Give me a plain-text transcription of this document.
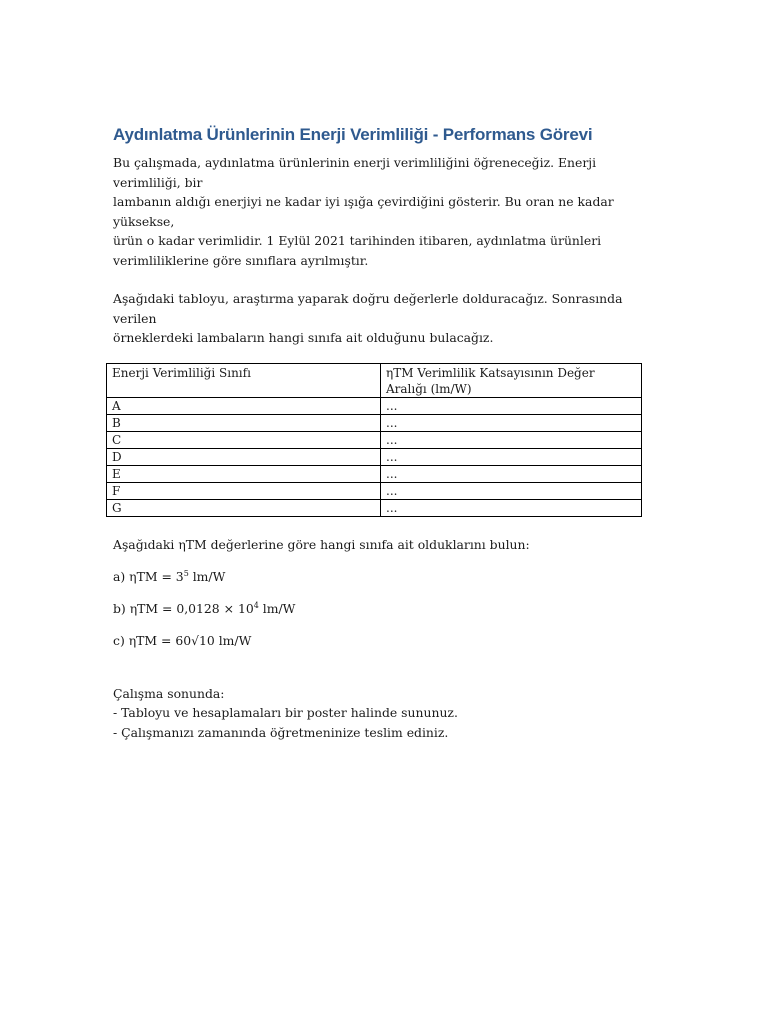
Aydınlatma Ürünlerinin Enerji Verimliliği - Performans Görevi

Bu çalışmada, aydınlatma ürünlerinin enerji verimliliğini öğreneceğiz. Enerji verimliliği, bir
lambanın aldığı enerjiyi ne kadar iyi ışığa çevirdiğini gösterir. Bu oran ne kadar yüksekse,
ürün o kadar verimlidir. 1 Eylül 2021 tarihinden itibaren, aydınlatma ürünleri
verimliliklerine göre sınıflara ayrılmıştır.

Aşağıdaki tabloyu, araştırma yaparak doğru değerlerle dolduracağız. Sonrasında verilen
örneklerdeki lambaların hangi sınıfa ait olduğunu bulacağız.

Enerji Verimliliği Sınıfı	ηTM Verimlilik Katsayısının Değer Aralığı (lm/W)
A	...
B	...
C	...
D	...
E	...
F	...
G	...

Aşağıdaki ηTM değerlerine göre hangi sınıfa ait olduklarını bulun:

a) $\eta TM = 3^5$ lm/W

b) $\eta TM = 0,0128 \times 10^4$ lm/W

c) ηTM = 60√10 lm/W

Çalışma sonunda:

- Tabloyu ve hesaplamaları bir poster halinde sununuz.

- Çalışmanızı zamanında öğretmeninize teslim ediniz.
